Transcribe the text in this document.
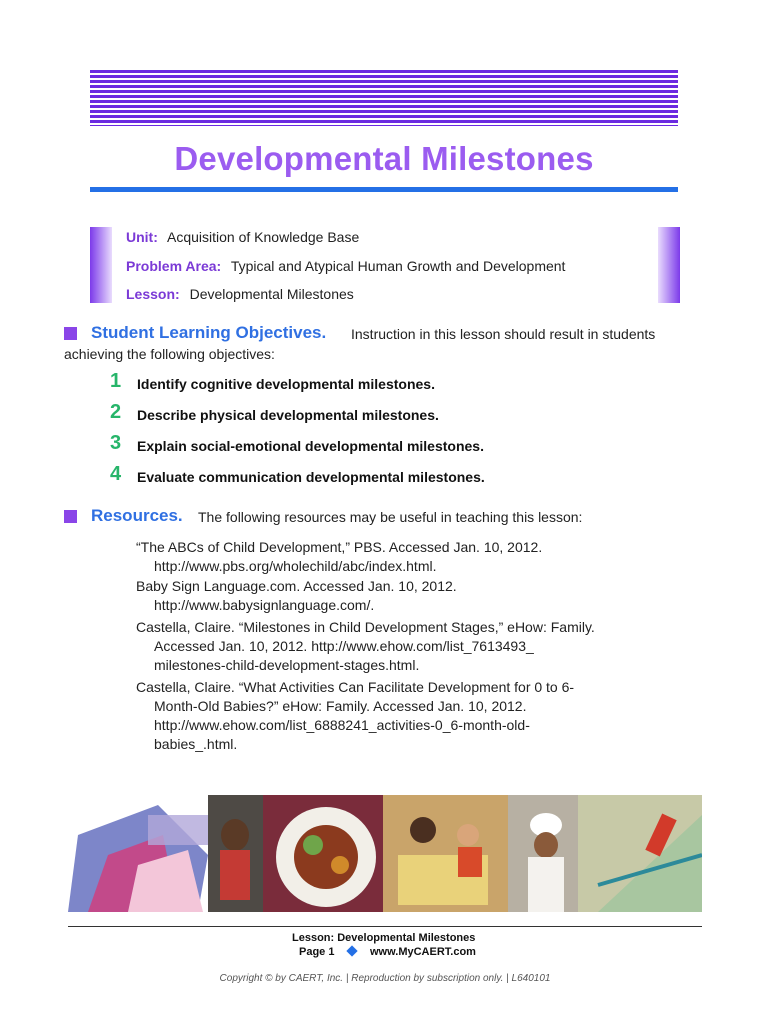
Developmental Milestones
Unit: Acquisition of Knowledge Base
Problem Area: Typical and Atypical Human Growth and Development
Lesson: Developmental Milestones
Student Learning Objectives. Instruction in this lesson should result in students
achieving the following objectives:
1 Identify cognitive developmental milestones.
2 Describe physical developmental milestones.
3 Explain social-emotional developmental milestones.
4 Evaluate communication developmental milestones.
Resources. The following resources may be useful in teaching this lesson:
“The ABCs of Child Development,” PBS. Accessed Jan. 10, 2012.
http://www.pbs.org/wholechild/abc/index.html.
Baby Sign Language.com. Accessed Jan. 10, 2012.
http://www.babysignlanguage.com/.
Castella, Claire. “Milestones in Child Development Stages,” eHow: Family.
Accessed Jan. 10, 2012. http://www.ehow.com/list_7613493_
milestones-child-development-stages.html.
Castella, Claire. “What Activities Can Facilitate Development for 0 to 6-
Month-Old Babies?” eHow: Family. Accessed Jan. 10, 2012.
http://www.ehow.com/list_6888241_activities-0_6-month-old-
babies_.html.
Lesson: Developmental Milestones
Page 1	www.MyCAERT.com
Copyright © by CAERT, Inc. | Reproduction by subscription only. | L640101
